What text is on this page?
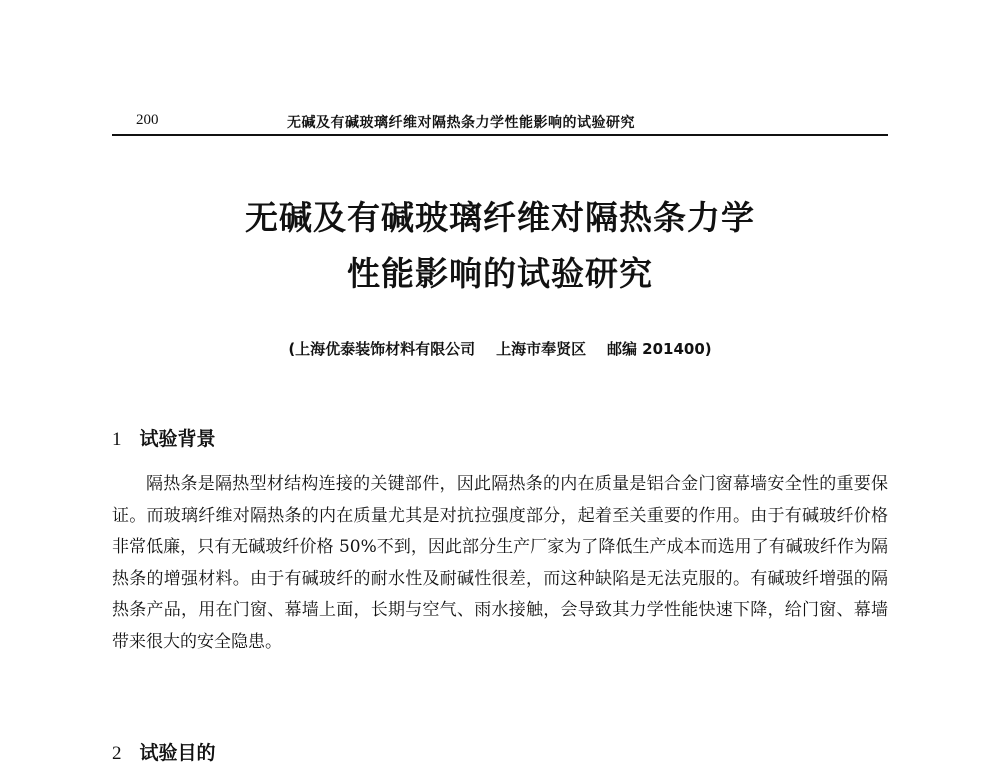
200	无碱及有碱玻璃纤维对隔热条力学性能影响的试验研究
无碱及有碱玻璃纤维对隔热条力学
性能影响的试验研究
(上海优泰装饰材料有限公司    上海市奉贤区    邮编 201400)
1 试验背景

隔热条是隔热型材结构连接的关键部件，因此隔热条的内在质量是铝合金门窗幕墙安全性的重要保证。而玻璃纤维对隔热条的内在质量尤其是对抗拉强度部分，起着至关重要的作用。由于有碱玻纤价格非常低廉，只有无碱玻纤价格 50%不到，因此部分生产厂家为了降低生产成本而选用了有碱玻纤作为隔热条的增强材料。由于有碱玻纤的耐水性及耐碱性很差，而这种缺陷是无法克服的。有碱玻纤增强的隔热条产品，用在门窗、幕墙上面，长期与空气、雨水接触，会导致其力学性能快速下降，给门窗、幕墙带来很大的安全隐患。

2 试验目的
